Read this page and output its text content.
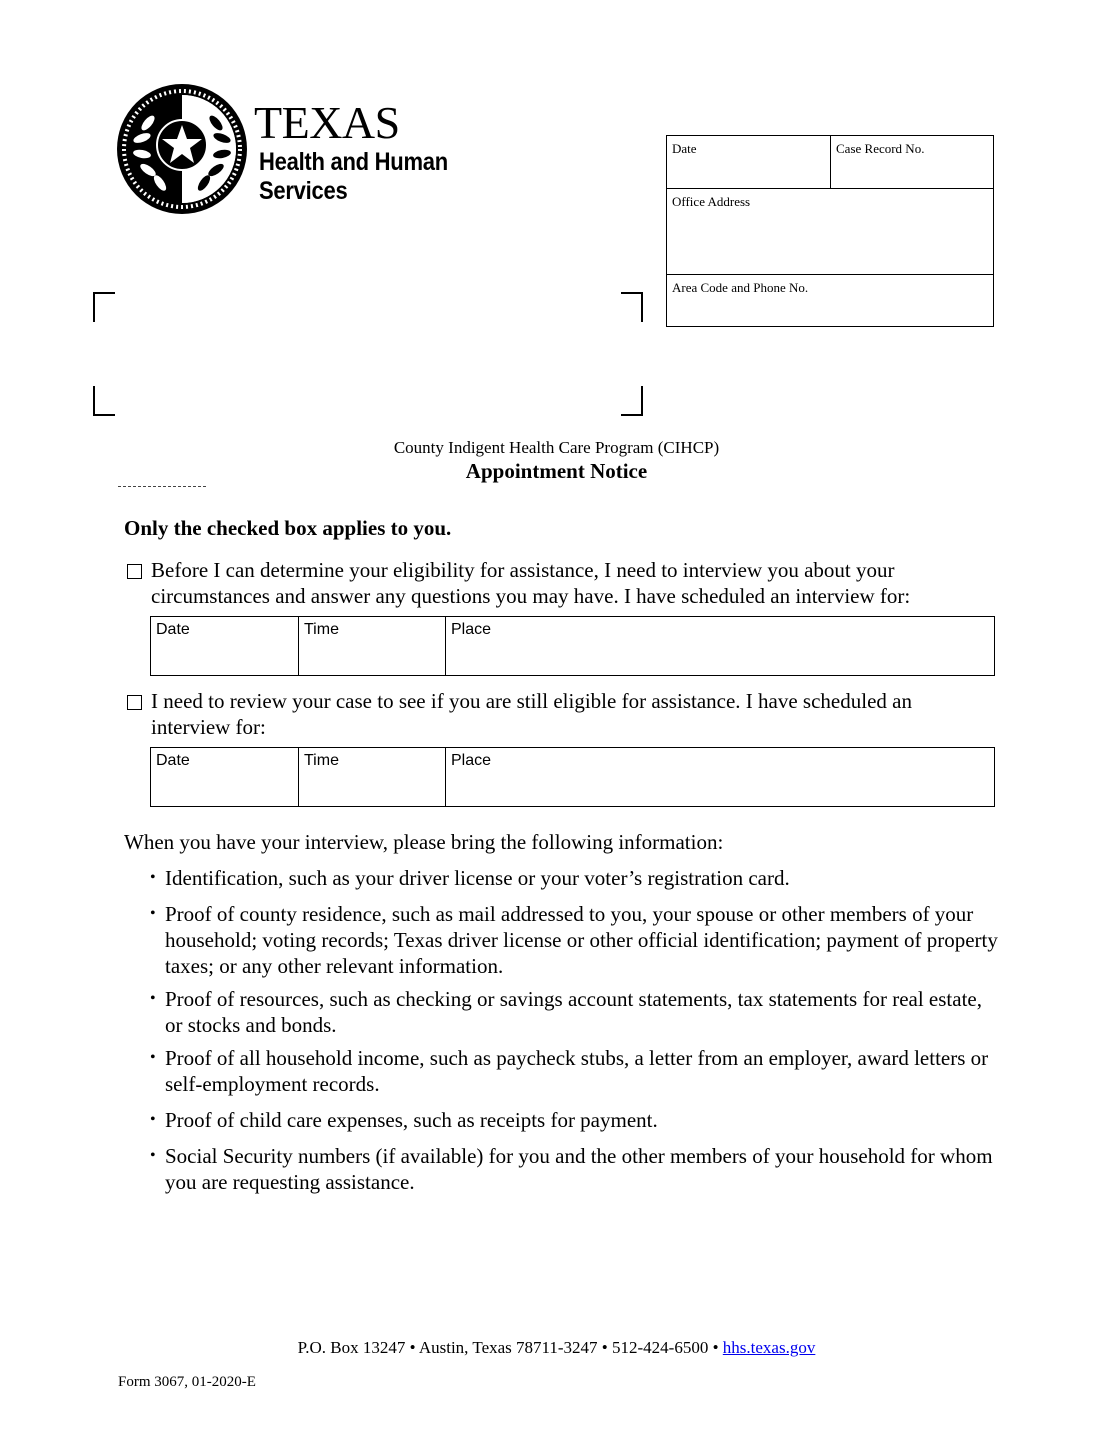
TEXAS
Health and Human
Services
Date	Case Record No.
Office Address
Area Code and Phone No.
County Indigent Health Care Program (CIHCP)
Appointment Notice
Only the checked box applies to you.
Before I can determine your eligibility for assistance, I need to interview you about your circumstances and answer any questions you may have. I have scheduled an interview for:
Date	Time	Place
I need to review your case to see if you are still eligible for assistance. I have scheduled an interview for:
Date	Time	Place
When you have your interview, please bring the following information:
• Identification, such as your driver license or your voter’s registration card.
• Proof of county residence, such as mail addressed to you, your spouse or other members of your household; voting records; Texas driver license or other official identification; payment of property taxes; or any other relevant information.
• Proof of resources, such as checking or savings account statements, tax statements for real estate, or stocks and bonds.
• Proof of all household income, such as paycheck stubs, a letter from an employer, award letters or self-employment records.
• Proof of child care expenses, such as receipts for payment.
• Social Security numbers (if available) for you and the other members of your household for whom you are requesting assistance.
P.O. Box 13247 • Austin, Texas 78711-3247 • 512-424-6500 • hhs.texas.gov
Form 3067, 01-2020-E
